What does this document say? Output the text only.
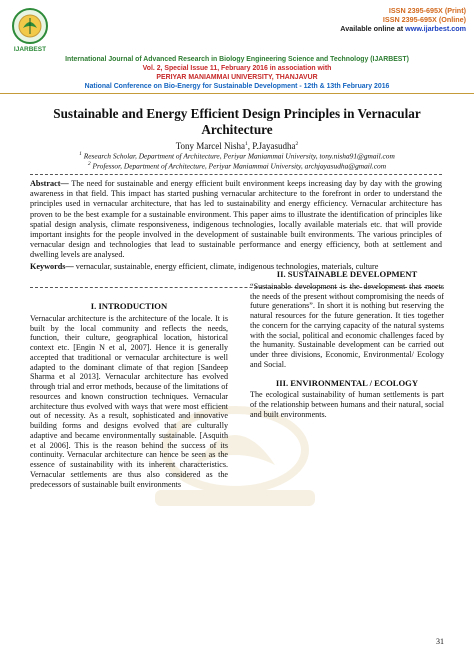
IJARBEST
ISSN 2395-695X (Print)
ISSN 2395-695X (Online)
Available online at www.ijarbest.com
International Journal of Advanced Research in Biology Engineering Science and Technology (IJARBEST)
Vol. 2, Special Issue 11, February 2016 in association with
PERIYAR MANIAMMAI UNIVERSITY, THANJAVUR
National Conference on Bio-Energy for Sustainable Development - 12th & 13th February 2016
Sustainable and Energy Efficient Design Principles in Vernacular Architecture
Tony Marcel Nisha$^1$, P.Jayasudha$^2$
$^1$ Research Scholar, Department of Architecture, Periyar Maniammai University, tony.nisha91@gmail.com
$^2$ Professor, Department of Architecture, Periyar Maniammai University, archjayasudha@gmail.com
Abstract— The need for sustainable and energy efficient built environment keeps increasing day by day with the growing awareness in that field. This impact has started pushing vernacular architecture to the forefront in order to understand the principles used in vernacular architecture, that has led to sustainability and energy efficiency. Vernacular architecture has proven to be the best example for a sustainable environment. This paper aims to illustrate the identification of principles like spatial design analysis, climate responsiveness, indigenous technologies, locally available materials etc. that will provide important insights for the people involved in the development of sustainable built environments. The various principles of vernacular design and technologies that lead to sustainable performance and energy efficiency, both at settlement and dwelling levels are analysed.
Keywords— vernacular, sustainable, energy efficient, climate, indigenous technologies, materials, culture
I. INTRODUCTION

Vernacular architecture is the architecture of the locale. It is built by the local community and reflects the needs, function, their culture, geographical location, historical context etc. [Engin N et al, 2007]. Hence it is generally accepted that traditional or vernacular architecture is well adapted to the dominant climate of that region [Sandeep Sharma et al 2013]. Vernacular architecture has evolved through trial and error methods, because of the limitations of resources and known construction techniques. Vernacular architecture thus evolved with ways that were most efficient out of necessity. As a result, sophisticated and innovative building forms and designs evolved that are culturally adaptive and became environmentally sustainable. [Asquith et al 2006]. This is the reason behind the success of its continuity. Vernacular architecture can hence be seen as the essence of sustainability with its inherent characteristics. Vernacular settlements are thus also considered as the predecessors of sustainable built environments

II. SUSTAINABLE DEVELOPMENT

“Sustainable development is the development that meets the needs of the present without compromising the needs of future generations”. In short it is nothing but reserving the natural resources for the future generation. It ties together the concern for the carrying capacity of the natural systems with the social, political and economic challenges faced by the humanity. Sustainable development can be carried out under three divisions, Economic, Environmental/ Ecology and Social.

III. ENVIRONMENTAL / ECOLOGY

The ecological sustainability of human settlements is part of the relationship between humans and their natural, social and built environments.

31
